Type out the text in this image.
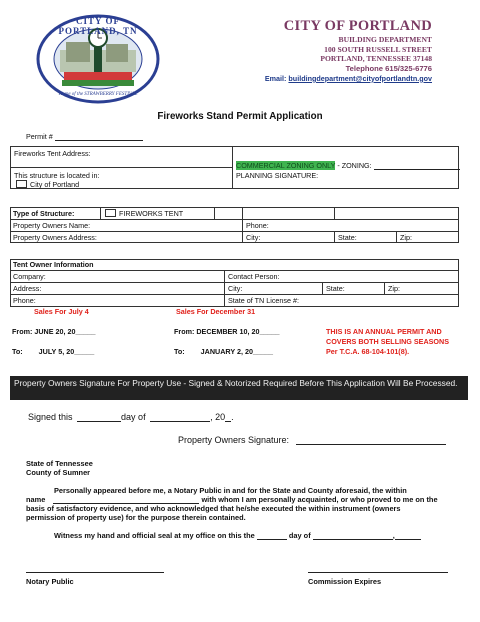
CITY OF PORTLAND, TN
Home of the STRAWBERRY FESTIVAL
CITY OF PORTLAND
BUILDING DEPARTMENT
100 SOUTH RUSSELL STREET
PORTLAND, TENNESSEE 37148
Telephone 615/325-6776
Email: buildingdepartment@cityofportlandtn.gov
Fireworks Stand Permit Application
Permit #
Fireworks Tent Address:
This structure is located in:
City of Portland
COMMERCIAL ZONING ONLY - ZONING:
PLANNING SIGNATURE:
Type of Structure:	FIREWORKS TENT
Property Owners Name:	Phone:
Property Owners Address:	City:	State:	Zip:
Tent Owner Information
Company:	Contact Person:
Address:	City:	State:	Zip:
Phone:	State of TN License #:
Sales For July 4	Sales For December 31
From: JUNE 20, 20_____
To: JULY 5, 20_____
From: DECEMBER 10, 20_____
To: JANUARY 2, 20_____
THIS IS AN ANNUAL PERMIT AND
COVERS BOTH SELLING SEASONS
Per T.C.A. 68-104-101(8).
Property Owners Signature For Property Use - Signed & Notorized Required Before This Application Will Be Processed.
Signed this	day of	, 20 .
Property Owners Signature:
State of Tennessee
County of Sumner
Personally appeared before me, a Notary Public in and for the State and County aforesaid, the within
name	with whom I am personally acquainted, or who proved to me on the
basis of satisfactory evidence, and who acknowledged that he/she executed the within instrument (owners
permission of property use) for the purpose therein contained.
Witness my hand and official seal at my office on this the	day of	,
Notary Public	Commission Expires
